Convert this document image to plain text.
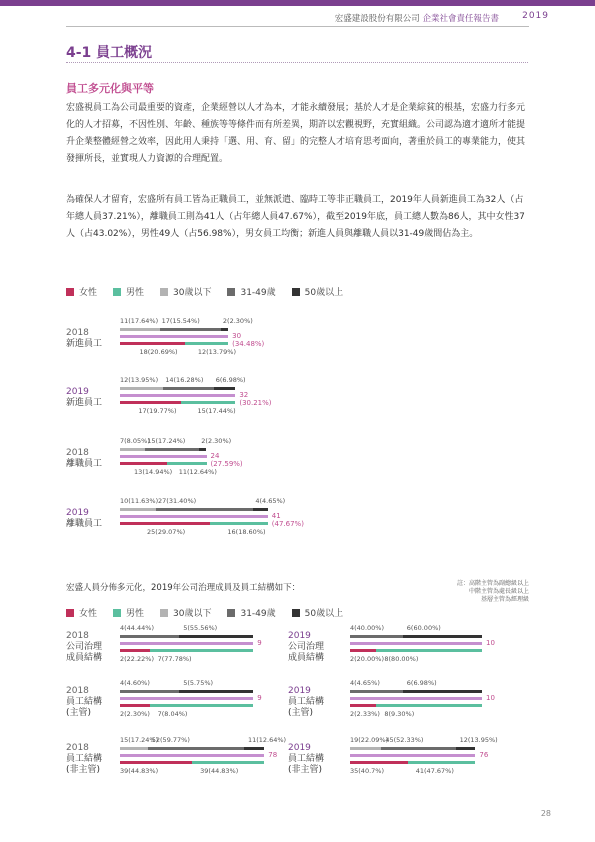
宏盛建設股份有限公司 企業社會責任報告書	2019
4-1 員工概況
員工多元化與平等

宏盛視員工為公司最重要的資產，企業經營以人才為本，才能永續發展；基於人才是企業綜貧的根基，宏盛力行多元化的人才招募，不因性別、年齡、種族等等條件而有所差異，期許以宏觀視野，充實組織。公司認為適才適所才能提升企業整體經營之效率，因此用人秉持「選、用、育、留」的完整人才培育思考面向，著重於員工的專業能力，使其發揮所長，並實現人力資源的合理配置。

為確保人才留育，宏盛所有員工皆為正職員工，並無派遣、臨時工等非正職員工，2019年人員新進員工為32人（占年總人員37.21%），離職員工則為41人（占年總人員47.67%），截至2019年底，員工總人數為86人，其中女性37人（占43.02%），男性49人（占56.98%），男女員工均衡；新進人員與離職人員以31-49歲間佔為主。

女性	男性	30歲以下	31-49歲	50歲以上
2018
新進員工
11(17.64%) 17(15.54%)	2(2.30%)
30
(34.48%)
18(20.69%)	12(13.79%)
2019
新進員工
12(13.95%) 14(16.28%) 6(6.98%)
32
(30.21%)
17(19.77%)	15(17.44%)
2018
離職員工
7(8.05%)
15(17.24%) 2(2.30%)
24
(27.59%)
13(14.94%) 11(12.64%)
2019
離職員工
10(11.63%) 27(31.40%)	4(4.65%)
41
(47.67%)
25(29.07%)	16(18.60%)
宏盛人員分佈多元化，2019年公司治理成員及員工結構如下：	註：高階主管為副總級以上
中階主管為處長級以上
基層主管為經理級
女性	男性	30歲以下	31-49歲	50歲以上
2018
公司治理
成員結構
4(44.44%)	5(55.56%)
9
2(22.22%) 7(77.78%)
2019
公司治理
成員結構
4(40.00%)	6(60.00%)
10
2(20.00%) 8(80.00%)
2018
員工結構
(主管)
4(4.60%)	5(5.75%)
9
2(2.30%) 7(8.04%)
2019
員工結構
(主管)
4(4.65%)	6(6.98%)
10
2(2.33%) 8(9.30%)
2018
員工結構
(非主管)
15(17.24%)
52(59.77%)	11(12.64%)
78
39(44.83%)	39(44.83%)
2019
員工結構
(非主管)
19(22.09%)
45(52.33%)	12(13.95%)
76
35(40.7%)	41(47.67%)
28
